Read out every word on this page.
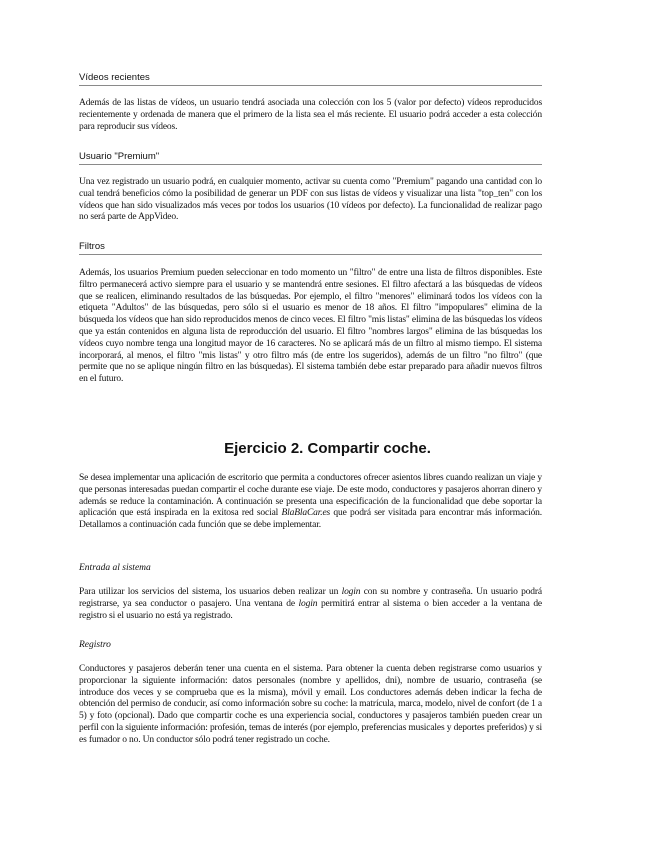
Vídeos recientes

Además de las listas de vídeos, un usuario tendrá asociada una colección con los 5 (valor por defecto) vídeos reproducidos recientemente y ordenada de manera que el primero de la lista sea el más reciente. El usuario podrá acceder a esta colección para reproducir sus vídeos.

Usuario "Premium"

Una vez registrado un usuario podrá, en cualquier momento, activar su cuenta como "Premium" pagando una cantidad con lo cual tendrá beneficios cómo la posibilidad de generar un PDF con sus listas de vídeos y visualizar una lista "top_ten" con los vídeos que han sido visualizados más veces por todos los usuarios (10 vídeos por defecto). La funcionalidad de realizar pago no será parte de AppVideo.

Filtros

Además, los usuarios Premium pueden seleccionar en todo momento un "filtro" de entre una lista de filtros disponibles. Este filtro permanecerá activo siempre para el usuario y se mantendrá entre sesiones. El filtro afectará a las búsquedas de vídeos que se realicen, eliminando resultados de las búsquedas. Por ejemplo, el filtro "menores" eliminará todos los vídeos con la etiqueta "Adultos" de las búsquedas, pero sólo si el usuario es menor de 18 años. El filtro "impopulares" elimina de la búsqueda los vídeos que han sido reproducidos menos de cinco veces. El filtro "mis listas" elimina de las búsquedas los vídeos que ya están contenidos en alguna lista de reproducción del usuario. El filtro "nombres largos" elimina de las búsquedas los vídeos cuyo nombre tenga una longitud mayor de 16 caracteres. No se aplicará más de un filtro al mismo tiempo. El sistema incorporará, al menos, el filtro "mis listas" y otro filtro más (de entre los sugeridos), además de un filtro "no filtro" (que permite que no se aplique ningún filtro en las búsquedas). El sistema también debe estar preparado para añadir nuevos filtros en el futuro.

Ejercicio 2. Compartir coche.

Se desea implementar una aplicación de escritorio que permita a conductores ofrecer asientos libres cuando realizan un viaje y que personas interesadas puedan compartir el coche durante ese viaje. De este modo, conductores y pasajeros ahorran dinero y además se reduce la contaminación. A continuación se presenta una especificación de la funcionalidad que debe soportar la aplicación que está inspirada en la exitosa red social BlaBlaCar.es que podrá ser visitada para encontrar más información. Detallamos a continuación cada función que se debe implementar.

Entrada al sistema

Para utilizar los servicios del sistema, los usuarios deben realizar un login con su nombre y contraseña. Un usuario podrá registrarse, ya sea conductor o pasajero. Una ventana de login permitirá entrar al sistema o bien acceder a la ventana de registro si el usuario no está ya registrado.

Registro

Conductores y pasajeros deberán tener una cuenta en el sistema. Para obtener la cuenta deben registrarse como usuarios y proporcionar la siguiente información: datos personales (nombre y apellidos, dni), nombre de usuario, contraseña (se introduce dos veces y se comprueba que es la misma), móvil y email. Los conductores además deben indicar la fecha de obtención del permiso de conducir, así como información sobre su coche: la matrícula, marca, modelo, nivel de confort (de 1 a 5) y foto (opcional). Dado que compartir coche es una experiencia social, conductores y pasajeros también pueden crear un perfil con la siguiente información: profesión, temas de interés (por ejemplo, preferencias musicales y deportes preferidos) y si es fumador o no. Un conductor sólo podrá tener registrado un coche.
